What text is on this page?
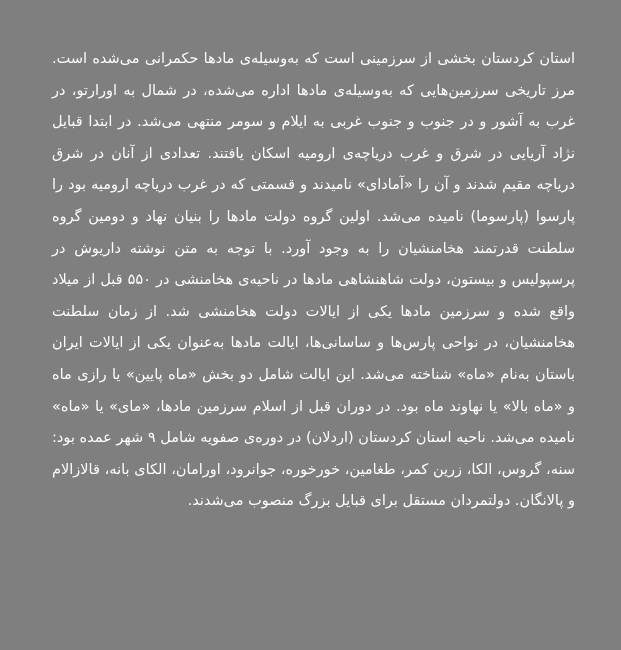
استان کردستان بخشی از سرزمینی است که به‌وسیله‌ی مادها حکمرانی می‌شده است. مرز تاریخی سرزمین‌هایی که به‌وسیله‌ی مادها اداره می‌شده، در شمال به اورارتو، در غرب به آشور و در جنوب و جنوب غربی به ایلام و سومر منتهی می‌شد. در ابتدا قبایل نژاد آریایی در شرق و غرب دریاچه‌ی ارومیه اسکان یافتند. تعدادی از آنان در شرق دریاچه مقیم شدند و آن را «آمادای» نامیدند و قسمتی که در غرب دریاچه ارومیه بود را پارسوا (پارسوما) نامیده می‌شد. اولین گروه دولت مادها را بنیان نهاد و دومین گروه سلطنت قدرتمند هخامنشیان را به وجود آورد. با توجه به متن نوشته داریوش در پرسپولیس و بیستون، دولت شاهنشاهی مادها در ناحیه‌ی هخامنشی در ۵۵۰ قبل از میلاد واقع شده و سرزمین مادها یکی از ایالات دولت هخامنشی شد. از زمان سلطنت هخامنشیان، در نواحی پارس‌ها و ساسانی‌ها، ایالت مادها به‌عنوان یکی از ایالات ایران باستان به‌نام «ماه» شناخته می‌شد. این ایالت شامل دو بخش «ماه پایین» یا رازی ماه و «ماه بالا» یا نهاوند ماه بود. در دوران قبل از اسلام سرزمین مادها، «مای» یا «ماه» نامیده می‌شد. ناحیه استان کردستان (اردلان) در دوره‌ی صفویه شامل ۹ شهر عمده بود: سنه، گروس، الکا، زرین کمر، طغامین، خورخوره، جوانرود، اورامان، الکای بانه، قالازالام و پالانگان. دولتمردان مستقل برای قبایل بزرگ منصوب می‌شدند.
